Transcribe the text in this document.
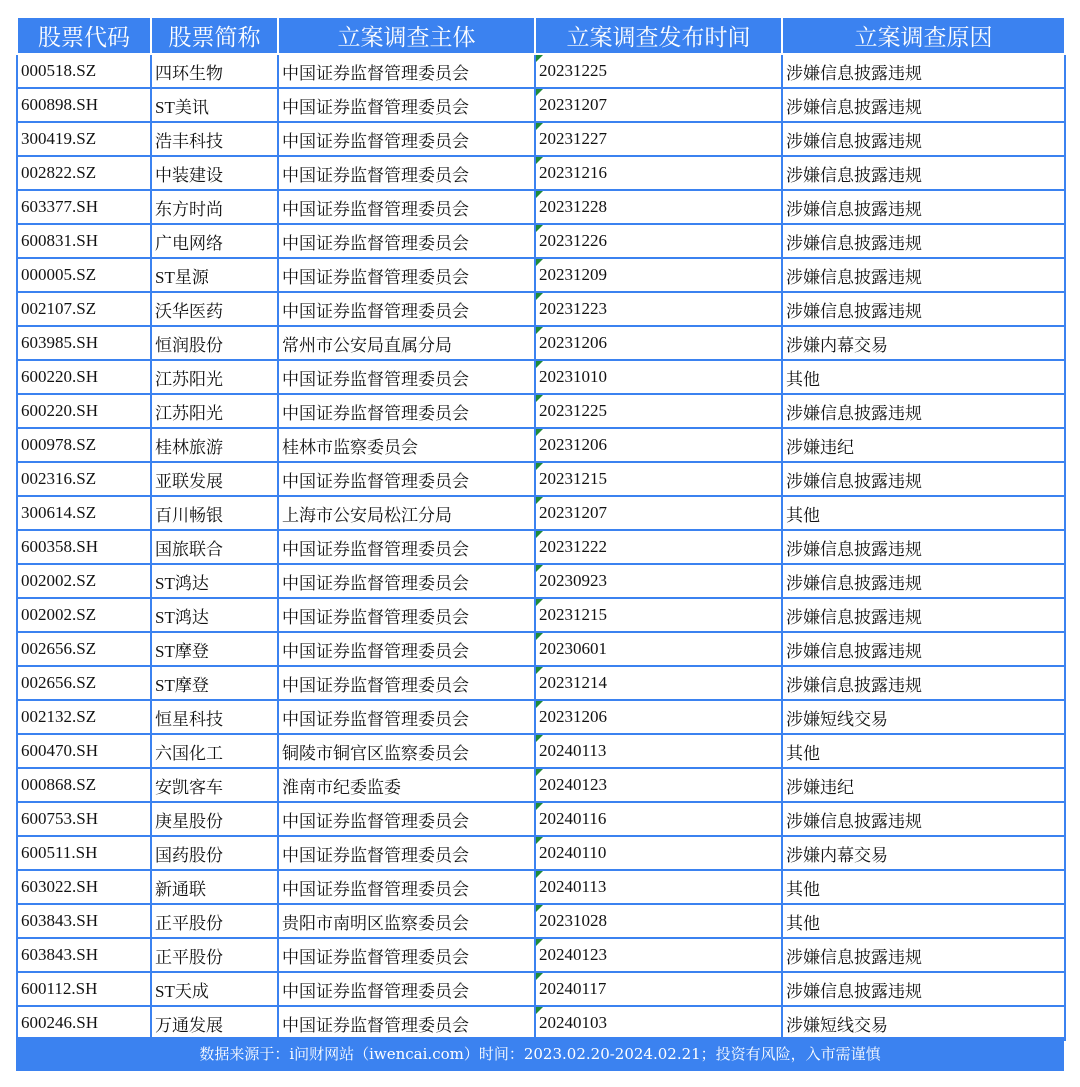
股票代码	股票简称	立案调查主体	立案调查发布时间	立案调查原因
000518.SZ	四环生物	中国证券监督管理委员会	20231225	涉嫌信息披露违规
600898.SH	ST美讯	中国证券监督管理委员会	20231207	涉嫌信息披露违规
300419.SZ	浩丰科技	中国证券监督管理委员会	20231227	涉嫌信息披露违规
002822.SZ	中装建设	中国证券监督管理委员会	20231216	涉嫌信息披露违规
603377.SH	东方时尚	中国证券监督管理委员会	20231228	涉嫌信息披露违规
600831.SH	广电网络	中国证券监督管理委员会	20231226	涉嫌信息披露违规
000005.SZ	ST星源	中国证券监督管理委员会	20231209	涉嫌信息披露违规
002107.SZ	沃华医药	中国证券监督管理委员会	20231223	涉嫌信息披露违规
603985.SH	恒润股份	常州市公安局直属分局	20231206	涉嫌内幕交易
600220.SH	江苏阳光	中国证券监督管理委员会	20231010	其他
600220.SH	江苏阳光	中国证券监督管理委员会	20231225	涉嫌信息披露违规
000978.SZ	桂林旅游	桂林市监察委员会	20231206	涉嫌违纪
002316.SZ	亚联发展	中国证券监督管理委员会	20231215	涉嫌信息披露违规
300614.SZ	百川畅银	上海市公安局松江分局	20231207	其他
600358.SH	国旅联合	中国证券监督管理委员会	20231222	涉嫌信息披露违规
002002.SZ	ST鸿达	中国证券监督管理委员会	20230923	涉嫌信息披露违规
002002.SZ	ST鸿达	中国证券监督管理委员会	20231215	涉嫌信息披露违规
002656.SZ	ST摩登	中国证券监督管理委员会	20230601	涉嫌信息披露违规
002656.SZ	ST摩登	中国证券监督管理委员会	20231214	涉嫌信息披露违规
002132.SZ	恒星科技	中国证券监督管理委员会	20231206	涉嫌短线交易
600470.SH	六国化工	铜陵市铜官区监察委员会	20240113	其他
000868.SZ	安凯客车	淮南市纪委监委	20240123	涉嫌违纪
600753.SH	庚星股份	中国证券监督管理委员会	20240116	涉嫌信息披露违规
600511.SH	国药股份	中国证券监督管理委员会	20240110	涉嫌内幕交易
603022.SH	新通联	中国证券监督管理委员会	20240113	其他
603843.SH	正平股份	贵阳市南明区监察委员会	20231028	其他
603843.SH	正平股份	中国证券监督管理委员会	20240123	涉嫌信息披露违规
600112.SH	ST天成	中国证券监督管理委员会	20240117	涉嫌信息披露违规
600246.SH	万通发展	中国证券监督管理委员会	20240103	涉嫌短线交易
数据来源于：i问财网站（iwencai.com）时间：2023.02.20-2024.02.21；投资有风险，入市需谨慎
